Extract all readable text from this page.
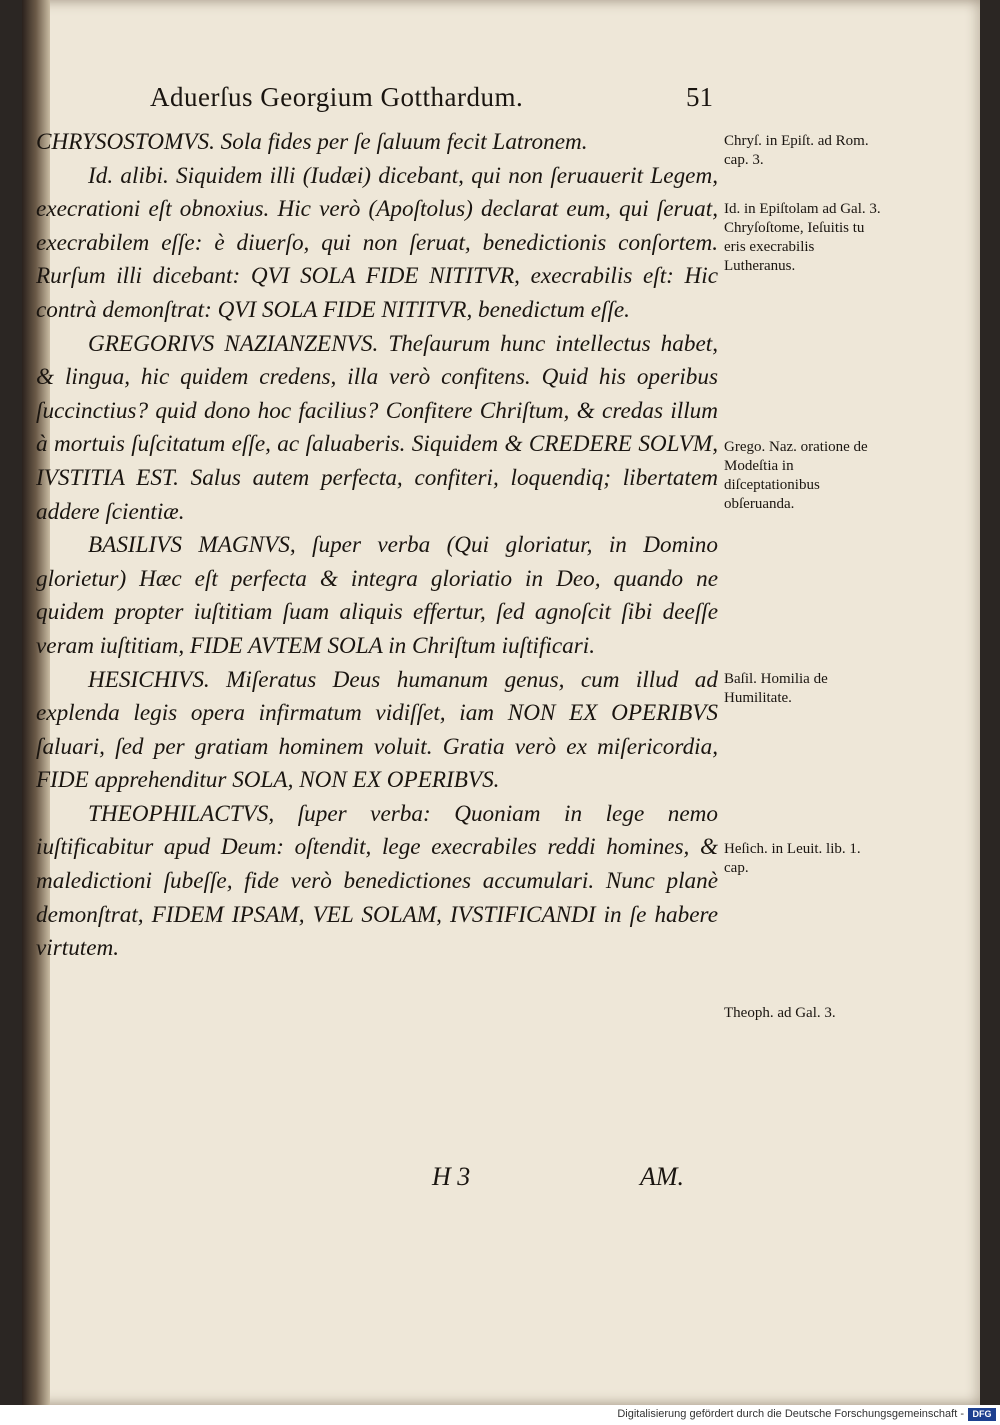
Aduerſus Georgium Gotthardum.	51

CHRYSOSTOMVS. Sola fides per ſe ſaluum fecit Latronem.

Id. alibi. Siquidem illi (Iudæi) dicebant, qui non ſeruauerit Legem, execrationi eſt obnoxius. Hic verò (Apoſtolus) declarat eum, qui ſeruat, execrabilem eſſe: è diuerſo, qui non ſeruat, benedictionis conſortem. Rurſum illi dicebant: QVI SOLA FIDE NITITVR, execrabilis eſt: Hic contrà demonſtrat: QVI SOLA FIDE NITITVR, benedictum eſſe.

GREGORIVS NAZIANZENVS. Theſaurum hunc intellectus habet, & lingua, hic quidem credens, illa verò confitens. Quid his operibus ſuccinctius? quid dono hoc facilius? Confitere Chriſtum, & credas illum à mortuis ſuſcitatum eſſe, ac ſaluaberis. Siquidem & CREDERE SOLVM, IVSTITIA EST. Salus autem perfecta, confiteri, loquendiq; libertatem addere ſcientiæ.

BASILIVS MAGNVS, ſuper verba (Qui gloriatur, in Domino glorietur) Hæc eſt perfecta & integra gloriatio in Deo, quando ne quidem propter iuſtitiam ſuam aliquis effertur, ſed agnoſcit ſibi deeſſe veram iuſtitiam, FIDE AVTEM SOLA in Chriſtum iuſtificari.

HESICHIVS. Miſeratus Deus humanum genus, cum illud ad explenda legis opera infirmatum vidiſſet, iam NON EX OPERIBVS ſaluari, ſed per gratiam hominem voluit. Gratia verò ex miſericordia, FIDE apprehenditur SOLA, NON EX OPERIBVS.

THEOPHILACTVS, ſuper verba: Quoniam in lege nemo iuſtificabitur apud Deum: oſtendit, lege execrabiles reddi homines, & maledictioni ſubeſſe, fide verò benedictiones accumulari. Nunc planè demonſtrat, FIDEM IPSAM, VEL SOLAM, IVSTIFICANDI in ſe habere virtutem.

Chryſ. in Epiſt. ad Rom. cap. 3.
Id. in Epiſtolam ad Gal. 3. Chryſoſtome, Ieſuitis tu eris execrabilis Lutheranus.
Grego. Naz. oratione de Modeſtia in diſceptationibus obſeruanda.
Baſil. Homilia de Humilitate.
Heſich. in Leuit. lib. 1. cap.
Theoph. ad Gal. 3.
H 3	AM.
Digitalisierung gefördert durch die Deutsche Forschungsgemeinschaft - DFG
